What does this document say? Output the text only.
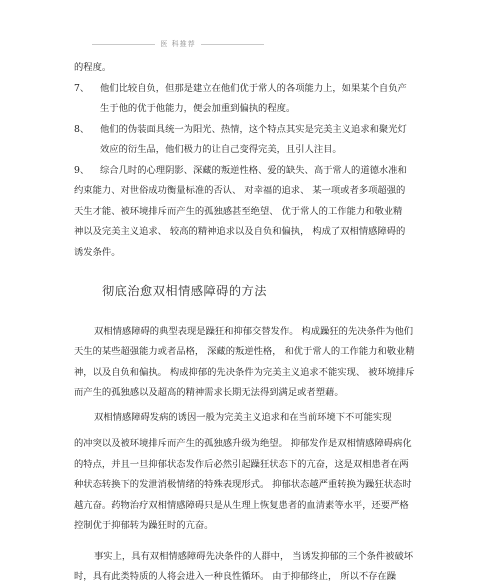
医 科推荐

的程度。

7、	他们比较自负，但那是建立在他们优于常人的各项能力上，如果某个自负产

生于他的优于他能力，便会加重到偏执的程度。

8、	他们的伪装面具统一为阳光、热情，这个特点其实是完美主义追求和聚光灯

效应的衍生品，他们极力的让自己变得完美，且引人注目。

9、	综合几时的心理阴影、深藏的叛逆性格、爱的缺失、高于常人的道德水准和

约束能力、对世俗成功衡量标准的否认、 对幸福的追求、 某一项或者多项超强的

天生才能、被环境排斥而产生的孤独感甚至绝望、 优于常人的工作能力和敬业精

神以及完美主义追求、 较高的精神追求以及自负和偏执， 构成了双相情感障碍的

诱发条件。

彻底治愈双相情感障碍的方法

双相情感障碍的典型表现是躁狂和抑郁交替发作。 构成躁狂的先决条件为他们

天生的某些超强能力或者品格， 深藏的叛逆性格， 和优于常人的工作能力和敬业精

神，以及自负和偏执。 构成抑郁的先决条件为完美主义追求不能实现、 被环境排斥

而产生的孤独感以及超高的精神需求长期无法得到满足或者塑藉。

双相情感障碍发病的诱因一般为完美主义追求和在当前环境下不可能实现

的冲突以及被环境排斥而产生的孤独感升级为绝望。 抑郁发作是双相情感障碍病化

的特点，并且一旦抑郁状态发作后必然引起躁狂状态下的亢奋，这是双相患者在两

种状态转换下的发泄消极情绪的特殊表现形式。 抑郁状态越严重转换为躁狂状态时

越亢奋。药物治疗双相情感障碍只是从生理上恢复患者的血清素等水平，还要严格

控制优于抑郁转为躁狂时的亢奋。

事实上，具有双相情感障碍先决条件的人群中， 当诱发抑郁的三个条件被破坏

时，具有此类特质的人将会进入一种良性循环。 由于抑郁终止， 所以不存在躁
